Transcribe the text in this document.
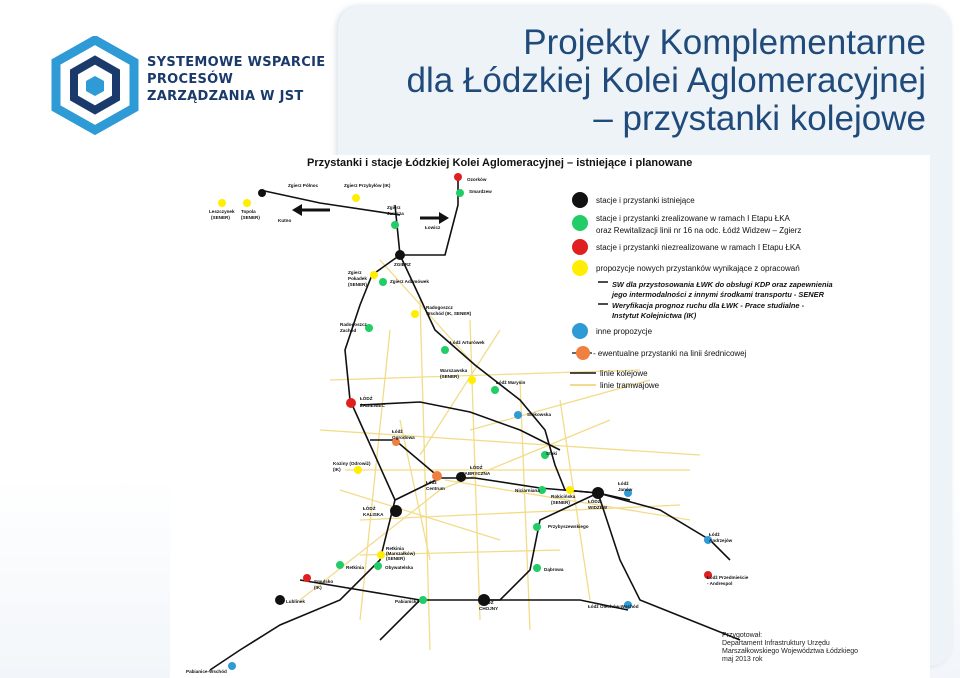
SYSTEMOWE WSPARCIE
PROCESÓW
ZARZĄDZANIA W JST
Projekty Komplementarne
dla Łódzkiej Kolei Aglomeracyjnej
– przystanki kolejowe
Przystanki i stacje Łódzkiej Kolei Aglomeracyjnej – istniejące i planowane
Zgierz Północ	Zgierz Przybyłów (IK)
Ozorków
Smardzew
Leszczynek
(SENER)
Topola
(SENER)
Kutno
Zgierz
Jaracza
Łowicz
ZGIERZ
Zgierz
Pokadek
(SENER)
Zgierz Adamówek
Radogoszcz
Wschód (IK, SENER)
Radogoszcz
Zachód
Łódź Arturówek
Warszawska
(SENER)
Łódź Marysin
ŁÓDŹ
ŻABIENIEC
Stokowska
Łódź
Ogrodowa
Koziny (Odrowiż)
(IK)
Stoki
Łódź
Centrum
ŁÓDŹ
FABRYCZNA
Niciarniana
Rokicińska
(SENER)	ŁÓDŹ
WIDZEW
Łódź
Janów
ŁÓDŹ
KALISKA
Przybyszewskiego
Łódź
Andrzejów
Retkinia
(Marszałków)
(SENER)
Retkinia	Obywatelska	Dąbrowa
Łódź Przedmieście
- Andrespol
Smulsko
(IK)
Lublinek	Pabianicka	ŁÓDŹ
CHOJNY	Łódź Olechów-Wschód
Pabianice-Wschód
stacje i przystanki istniejące
stacje i przystanki zrealizowane w ramach I Etapu ŁKA
oraz Rewitalizacji linii nr 16 na odc. Łódź Widzew – Zgierz
stacje i przystanki niezrealizowane w ramach I Etapu ŁKA
propozycje nowych przystanków wynikające z opracowań
SW dla przystosowania ŁWK do obsługi KDP oraz zapewnienia
jego intermodalności z innymi środkami transportu - SENER
Weryfikacja prognoz ruchu dla ŁWK - Prace studialne -
Instytut Kolejnictwa (IK)
inne propozycje
- ewentualne przystanki na linii średnicowej
linie kolejowe
linie tramwajowe
Przygotował:
Departament Infrastruktury Urzędu
Marszałkowskiego Województwa Łódzkiego
maj 2013 rok
